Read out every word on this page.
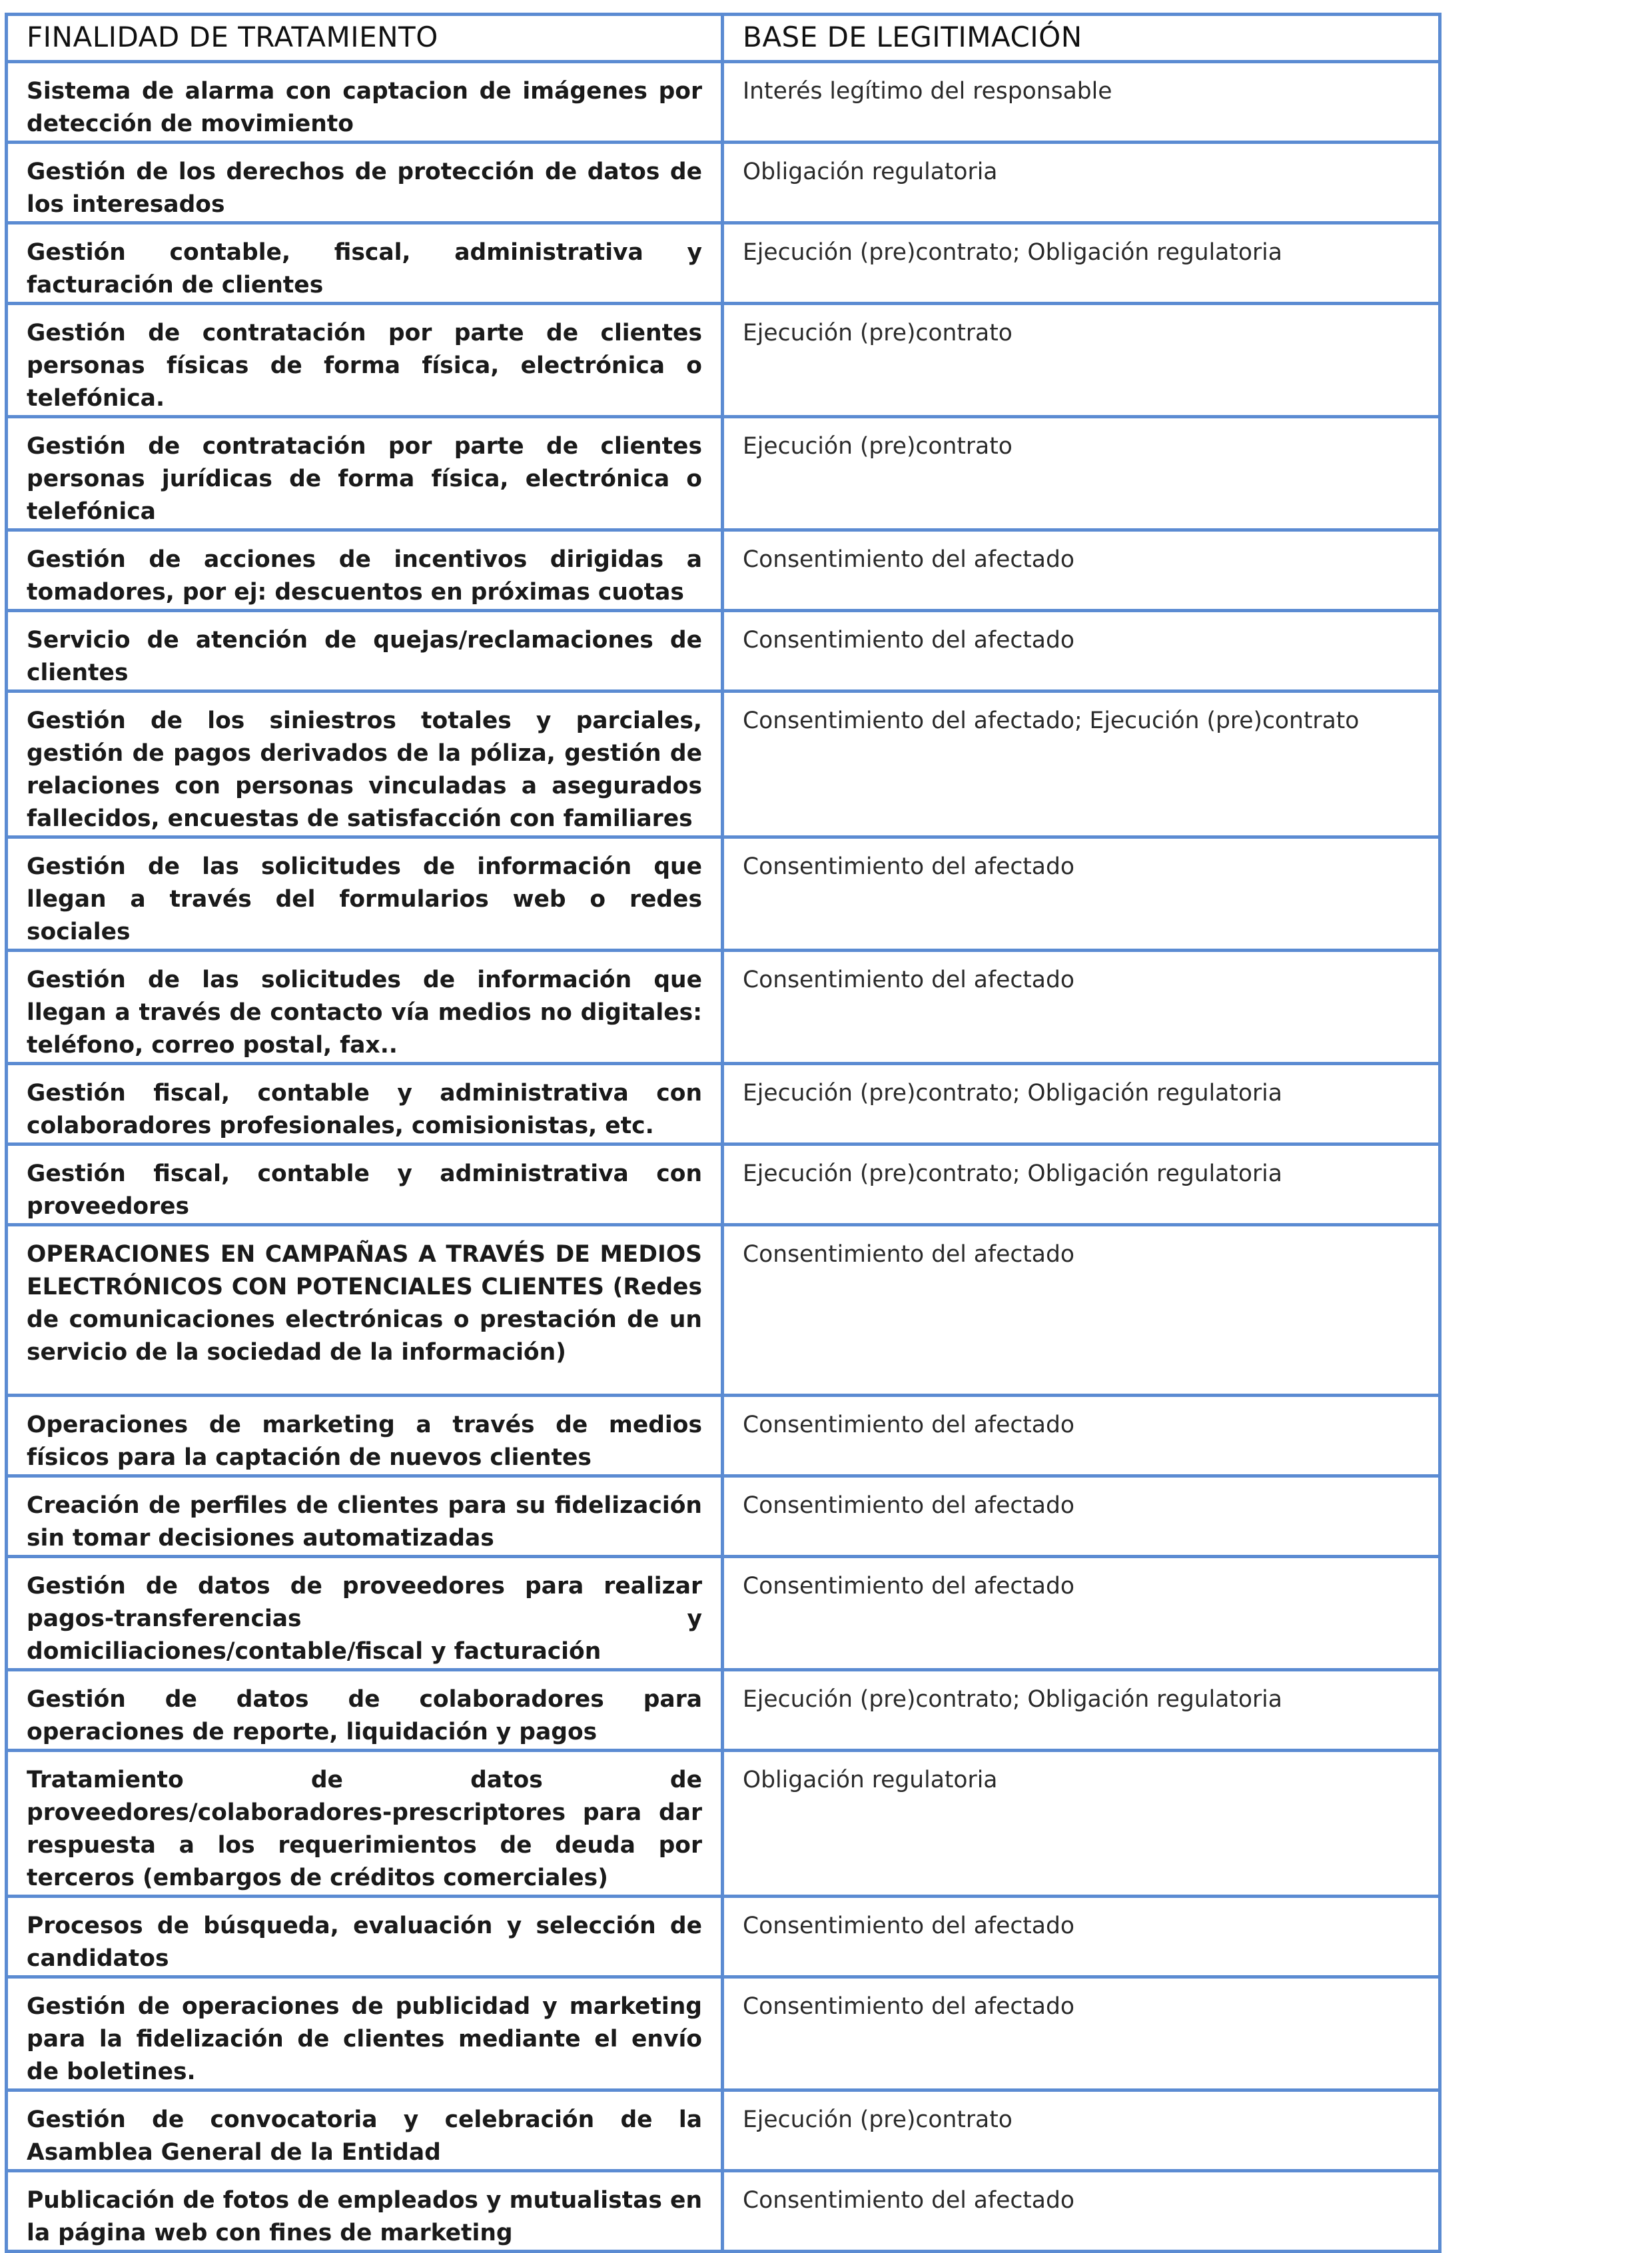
FINALIDAD DE TRATAMIENTO	BASE DE LEGITIMACIÓN
Sistema de alarma con captacion de imágenes por detección de movimiento	Interés legítimo del responsable
Gestión de los derechos de protección de datos de los interesados	Obligación regulatoria
Gestión contable, fiscal, administrativa y facturación de clientes	Ejecución (pre)contrato; Obligación regulatoria
Gestión de contratación por parte de clientes personas físicas de forma física, electrónica o telefónica.	Ejecución (pre)contrato
Gestión de contratación por parte de clientes personas jurídicas de forma física, electrónica o telefónica	Ejecución (pre)contrato
Gestión de acciones de incentivos dirigidas a tomadores, por ej: descuentos en próximas cuotas	Consentimiento del afectado
Servicio de atención de quejas/reclamaciones de clientes	Consentimiento del afectado
Gestión de los siniestros totales y parciales, gestión de pagos derivados de la póliza, gestión de relaciones con personas vinculadas a asegurados fallecidos, encuestas de satisfacción con familiares	Consentimiento del afectado; Ejecución (pre)contrato
Gestión de las solicitudes de información que llegan a través del formularios web o redes sociales	Consentimiento del afectado
Gestión de las solicitudes de información que llegan a través de contacto vía medios no digitales: teléfono, correo postal, fax..	Consentimiento del afectado
Gestión fiscal, contable y administrativa con colaboradores profesionales, comisionistas, etc.	Ejecución (pre)contrato; Obligación regulatoria
Gestión fiscal, contable y administrativa con proveedores	Ejecución (pre)contrato; Obligación regulatoria
OPERACIONES EN CAMPAÑAS A TRAVÉS DE MEDIOS ELECTRÓNICOS CON POTENCIALES CLIENTES (Redes de comunicaciones electrónicas o prestación de un servicio de la sociedad de la información)	Consentimiento del afectado
Operaciones de marketing a través de medios físicos para la captación de nuevos clientes	Consentimiento del afectado
Creación de perfiles de clientes para su fidelización sin tomar decisiones automatizadas	Consentimiento del afectado
Gestión de datos de proveedores para realizar pagos-transferencias y domiciliaciones/contable/fiscal y facturación	Consentimiento del afectado
Gestión de datos de colaboradores para operaciones de reporte, liquidación y pagos	Ejecución (pre)contrato; Obligación regulatoria
Tratamiento de datos de proveedores/colaboradores-prescriptores para dar respuesta a los requerimientos de deuda por terceros (embargos de créditos comerciales)	Obligación regulatoria
Procesos de búsqueda, evaluación y selección de candidatos	Consentimiento del afectado
Gestión de operaciones de publicidad y marketing para la fidelización de clientes mediante el envío de boletines.	Consentimiento del afectado
Gestión de convocatoria y celebración de la Asamblea General de la Entidad	Ejecución (pre)contrato
Publicación de fotos de empleados y mutualistas en la página web con fines de marketing	Consentimiento del afectado
